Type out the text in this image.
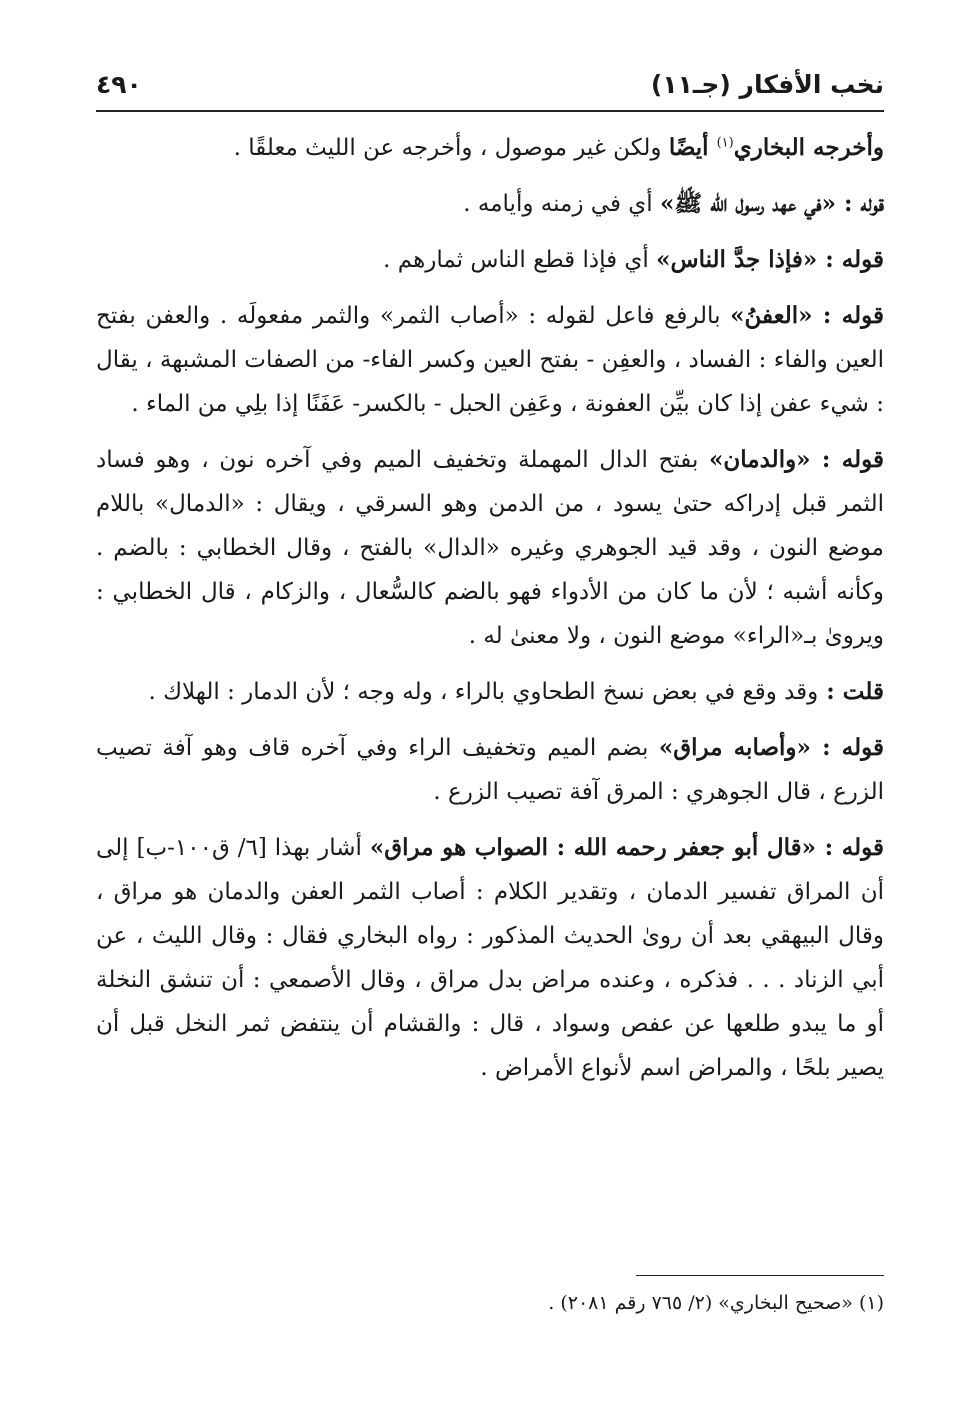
نخب الأفكار (جـ١١)
٤٩٠

وأخرجه البخاري$^{(١)}$ أيضًا ولكن غير موصول ، وأخرجه عن الليث معلقًا .

قوله : «في عهد رسول الله ﷺ» أي في زمنه وأيامه .

قوله : «فإذا جدَّ الناس» أي فإذا قطع الناس ثمارهم .

قوله : «العفنُ» بالرفع فاعل لقوله : «أصاب الثمر» والثمر مفعولَه . والعفن بفتح العين والفاء : الفساد ، والعفِن - بفتح العين وكسر الفاء- من الصفات المشبهة ، يقال : شيء عفن إذا كان بيِّن العفونة ، وعَفِن الحبل - بالكسر- عَفَنًا إذا بلِي من الماء .

قوله : «والدمان» بفتح الدال المهملة وتخفيف الميم وفي آخره نون ، وهو فساد الثمر قبل إدراكه حتىٰ يسود ، من الدمن وهو السرقي ، ويقال : «الدمال» باللام موضع النون ، وقد قيد الجوهري وغيره «الدال» بالفتح ، وقال الخطابي : بالضم . وكأنه أشبه ؛ لأن ما كان من الأدواء فهو بالضم كالسُّعال ، والزكام ، قال الخطابي : ويروىٰ بـ«الراء» موضع النون ، ولا معنىٰ له .

قلت : وقد وقع في بعض نسخ الطحاوي بالراء ، وله وجه ؛ لأن الدمار : الهلاك .

قوله : «وأصابه مراق» بضم الميم وتخفيف الراء وفي آخره قاف وهو آفة تصيب الزرع ، قال الجوهري : المرق آفة تصيب الزرع .

قوله : «قال أبو جعفر رحمه الله : الصواب هو مراق» أشار بهذا [٦/ ق١٠٠-ب] إلى أن المراق تفسير الدمان ، وتقدير الكلام : أصاب الثمر العفن والدمان هو مراق ، وقال البيهقي بعد أن روىٰ الحديث المذكور : رواه البخاري فقال : وقال الليث ، عن أبي الزناد . . . فذكره ، وعنده مراض بدل مراق ، وقال الأصمعي : أن تنشق النخلة أو ما يبدو طلعها عن عفص وسواد ، قال : والقشام أن ينتفض ثمر النخل قبل أن يصير بلحًا ، والمراض اسم لأنواع الأمراض .

(١) «صحيح البخاري» (٢/ ٧٦٥ رقم ٢٠٨١) .
